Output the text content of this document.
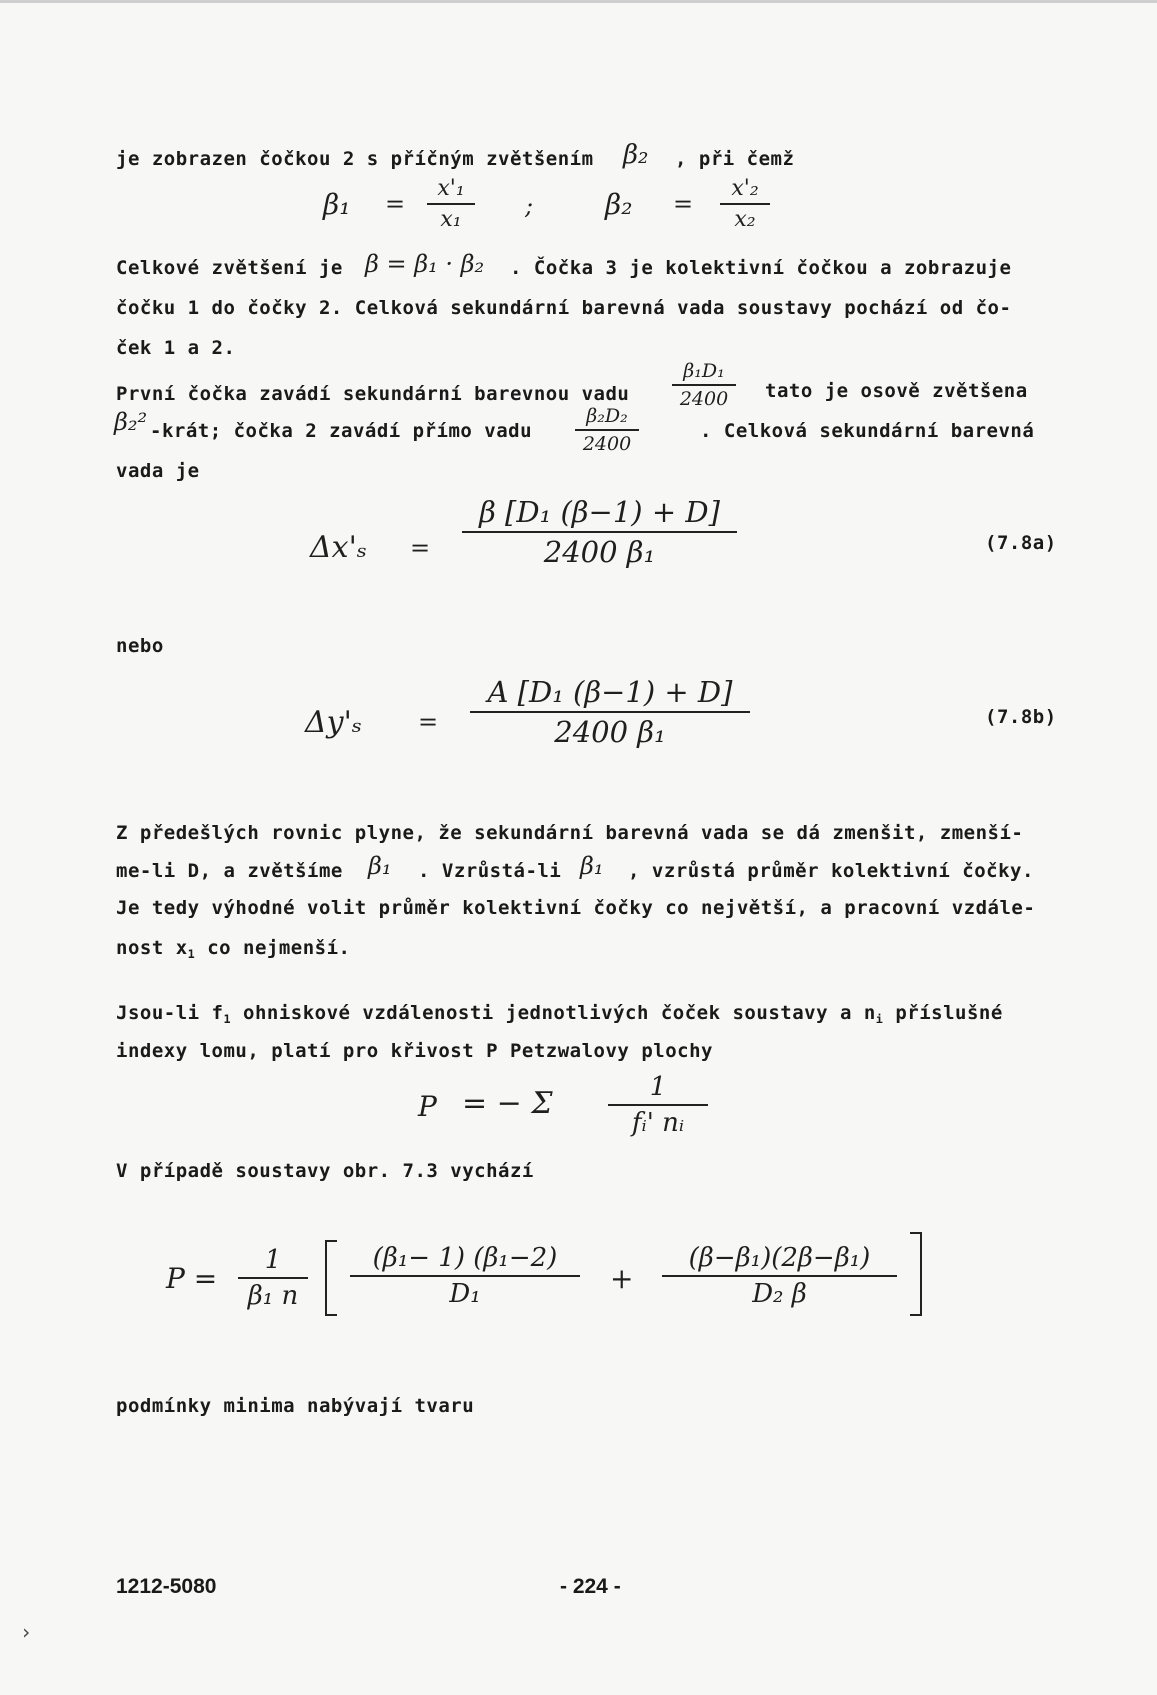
je zobrazen čočkou 2 s příčným zvětšením β₂ , při čemž
β₁ =
x'₁
x₁	;	β₂ =
x'₂
x₂
Celkové zvětšení je β = β₁ · β₂ . Čočka 3 je kolektivní čočkou a zobrazuje
čočku 1 do čočky 2. Celková sekundární barevná vada soustavy pochází od čo-
ček 1 a 2.
První čočka zavádí sekundární barevnou vadu
β₁D₁
2400 tato je osově zvětšena
β₂² -krát; čočka 2 zavádí přímo vadu
β₂D₂
2400
. Celková sekundární barevná
vada je
Δx'ₛ =
β [D₁ (β−1) + D]
2400 β₁	(7.8a)
nebo
Δy'ₛ =
A [D₁ (β−1) + D]
2400 β₁	(7.8b)
Z předešlých rovnic plyne, že sekundární barevná vada se dá zmenšit, zmenší-
me-li D, a zvětšíme β₁ . Vzrůstá-li β₁ , vzrůstá průměr kolektivní čočky.
Je tedy výhodné volit průměr kolektivní čočky co největší, a pracovní vzdále-
nost $x_1$ co nejmenší.
Jsou-li $f_1$ ohniskové vzdálenosti jednotlivých čoček soustavy a $n_i$ příslušné
indexy lomu, platí pro křivost P Petzwalovy plochy
P = − Σ	1
fᵢ' nᵢ
V případě soustavy obr. 7.3 vychází
P =
1
β₁ n
(β₁− 1) (β₁−2)
D₁	+
(β−β₁)(2β−β₁)
D₂ β
podmínky minima nabývají tvaru
1212-5080	- 224 -
›
